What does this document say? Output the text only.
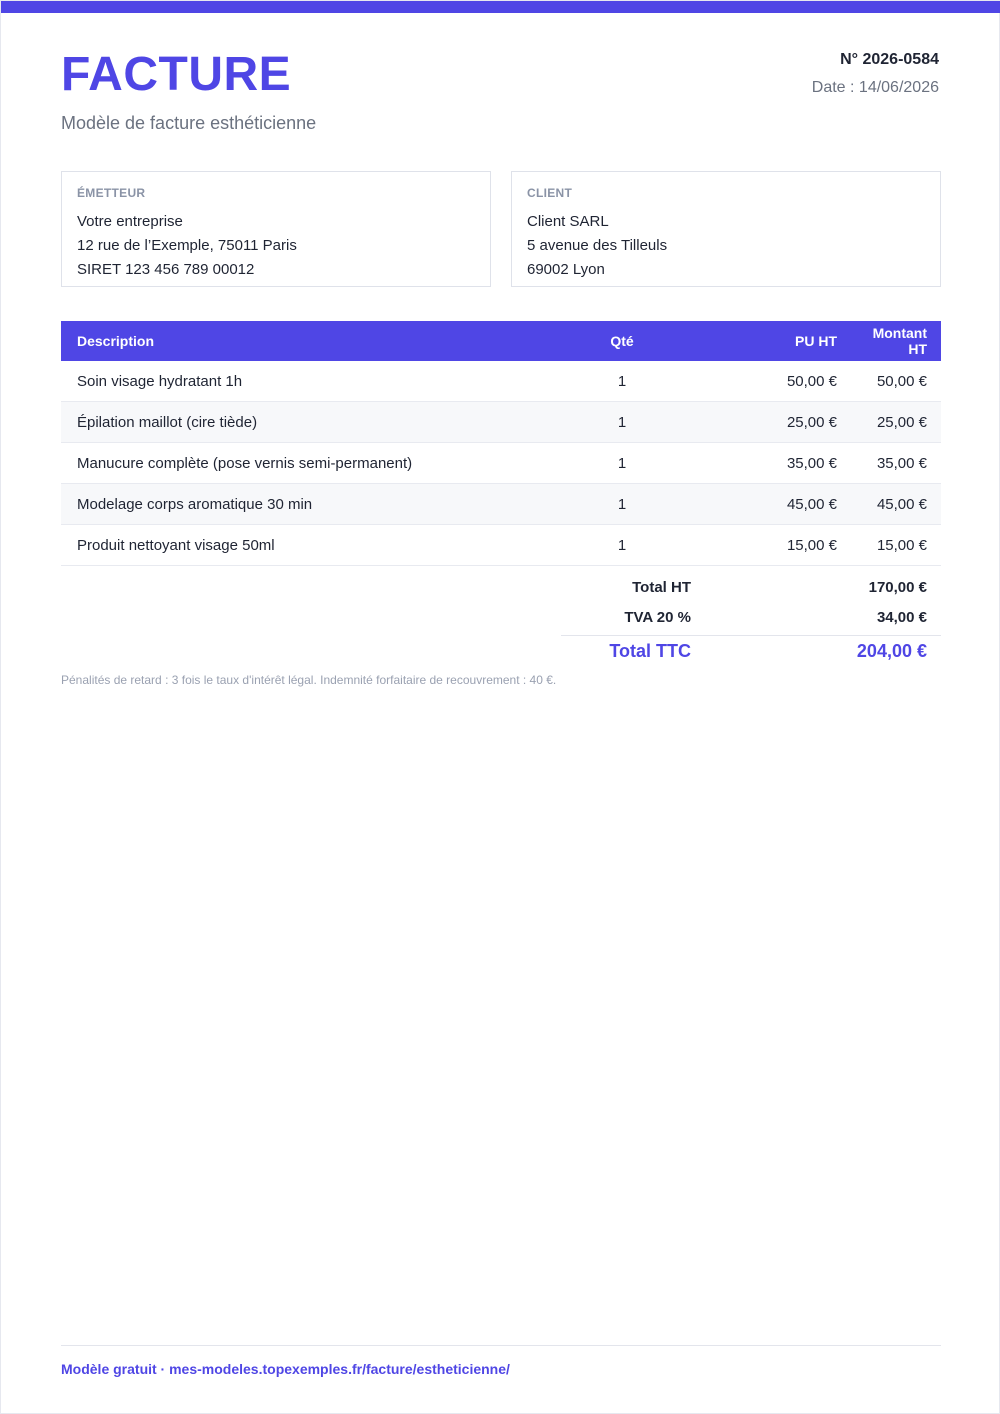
FACTURE
Modèle de facture esthéticienne
N° 2026-0584
Date : 14/06/2026
ÉMETTEUR
Votre entreprise
12 rue de l’Exemple, 75011 Paris
SIRET 123 456 789 00012
CLIENT
Client SARL
5 avenue des Tilleuls
69002 Lyon
Description	Qté	PU HT	Montant HT
Soin visage hydratant 1h	1	50,00 €	50,00 €
Épilation maillot (cire tiède)	1	25,00 €	25,00 €
Manucure complète (pose vernis semi-permanent)	1	35,00 €	35,00 €
Modelage corps aromatique 30 min	1	45,00 €	45,00 €
Produit nettoyant visage 50ml	1	15,00 €	15,00 €
Total HT	170,00 €
TVA 20 %	34,00 €
Total TTC	204,00 €
Pénalités de retard : 3 fois le taux d'intérêt légal. Indemnité forfaitaire de recouvrement : 40 €.
Modèle gratuit · mes-modeles.topexemples.fr/facture/estheticienne/
